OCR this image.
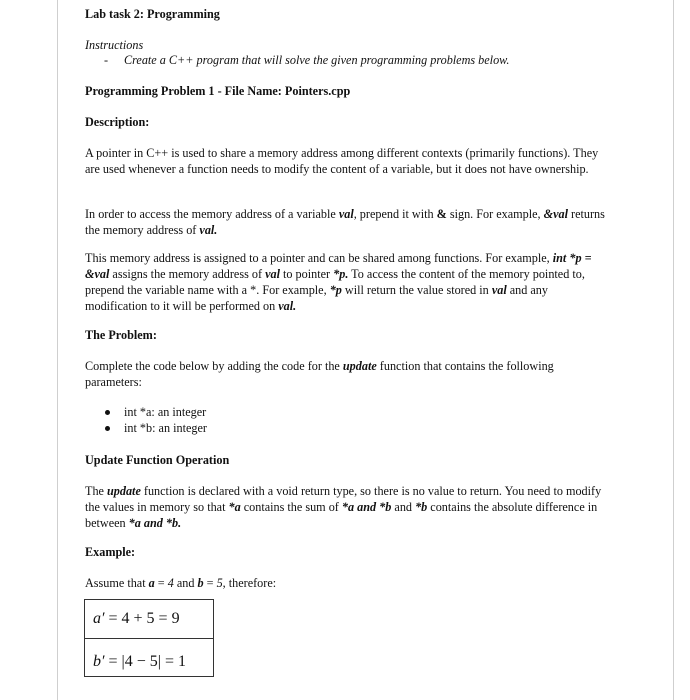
Lab task 2: Programming

Instructions

- Create a C++ program that will solve the given programming problems below.

Programming Problem 1 - File Name: Pointers.cpp

Description:

A pointer in C++ is used to share a memory address among different contexts (primarily functions). They are used whenever a function needs to modify the content of a variable, but it does not have ownership.

In order to access the memory address of a variable val, prepend it with & sign. For example, &val returns the memory address of val.

This memory address is assigned to a pointer and can be shared among functions. For example, int *p = &val assigns the memory address of val to pointer *p. To access the content of the memory pointed to, prepend the variable name with a *. For example, *p will return the value stored in val and any modification to it will be performed on val.

The Problem:

Complete the code below by adding the code for the update function that contains the following parameters:

int *a: an integer
int *b: an integer

Update Function Operation

The update function is declared with a void return type, so there is no value to return. You need to modify the values in memory so that *a contains the sum of *a and *b and *b contains the absolute difference in between *a and *b.

Example:

Assume that a = 4 and b = 5, therefore:

a′ = 4 + 5 = 9
b′ = |4 − 5| = 1
